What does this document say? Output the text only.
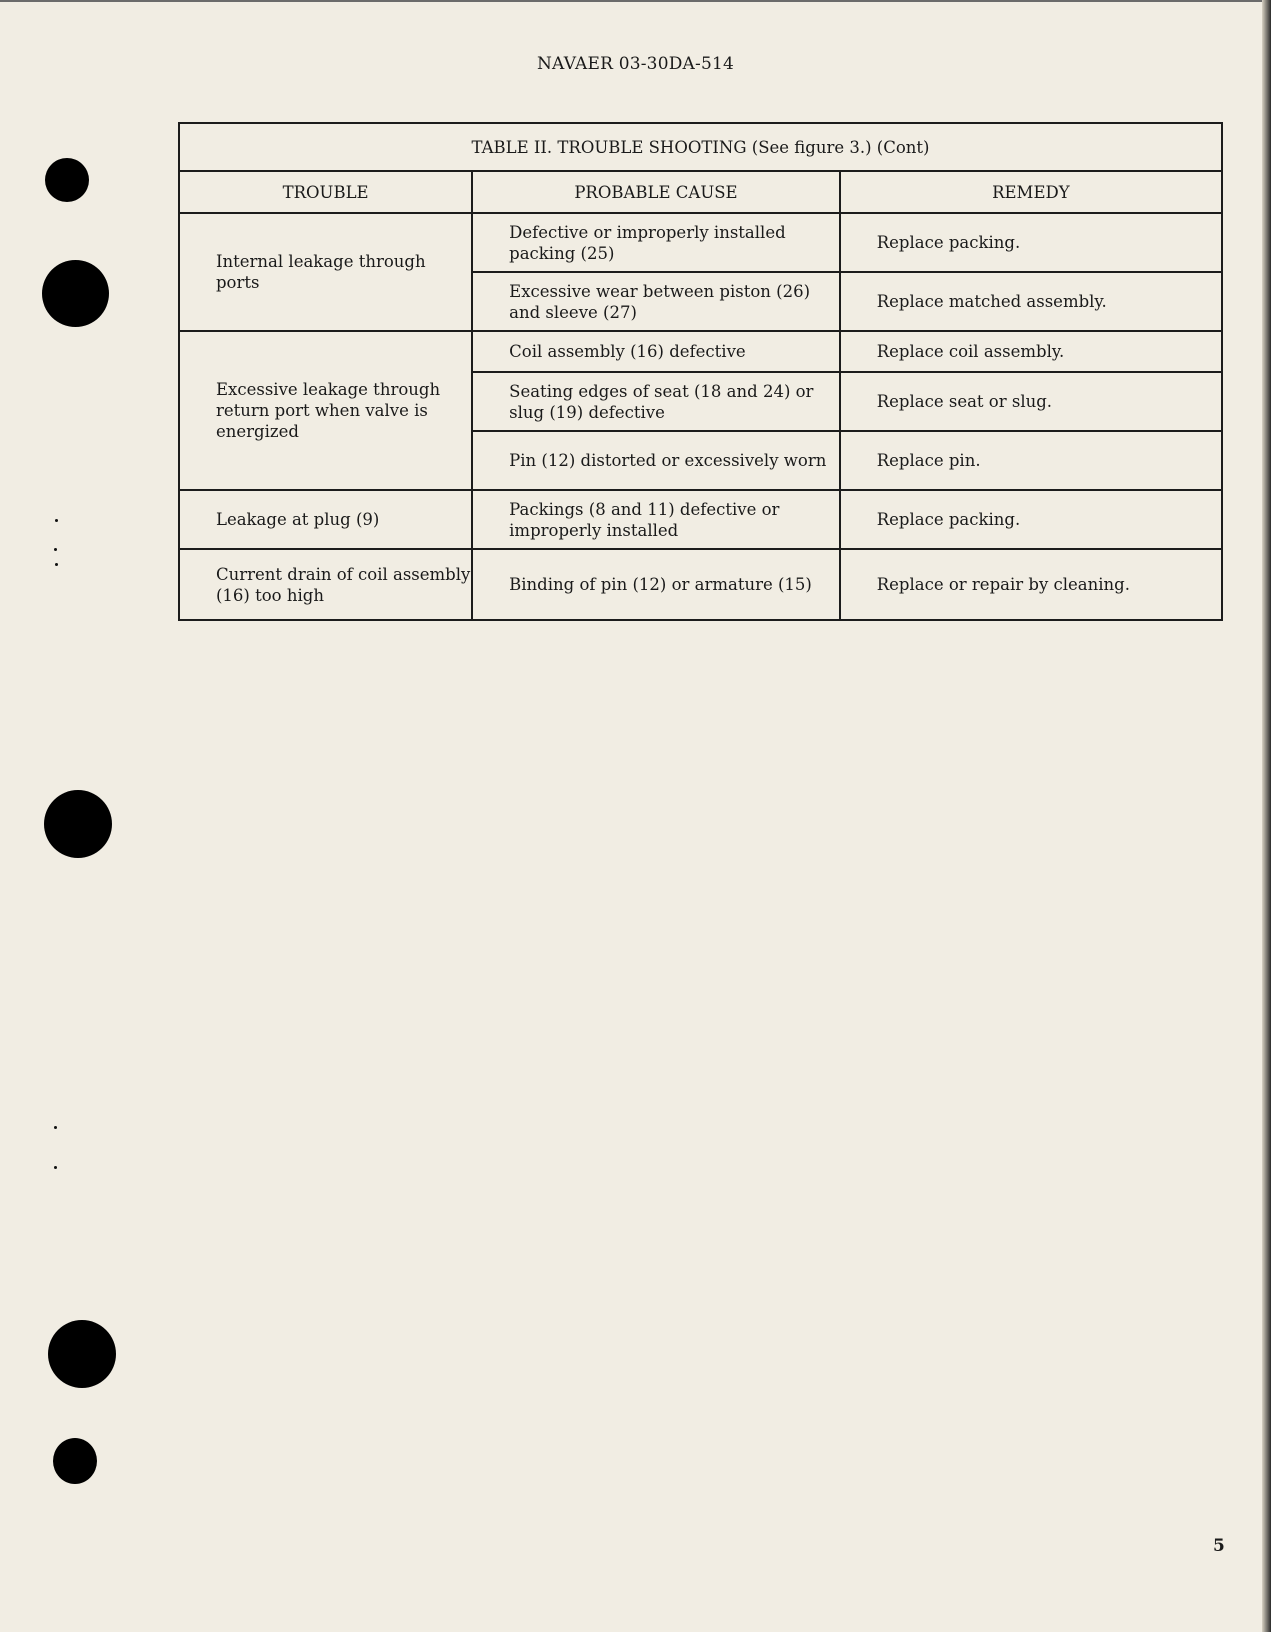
NAVAER 03-30DA-514
TABLE II. TROUBLE SHOOTING (See figure 3.) (Cont)		
TROUBLE	PROBABLE CAUSE	REMEDY
Internal leakage through ports	Defective or improperly installed packing (25)	Replace packing.
	Excessive wear between piston (26) and sleeve (27)	Replace matched assembly.
Excessive leakage through return port when valve is energized	Coil assembly (16) defective	Replace coil assembly.
	Seating edges of seat (18 and 24) or slug (19) defective	Replace seat or slug.
	Pin (12) distorted or excessively worn	Replace pin.
Leakage at plug (9)	Packings (8 and 11) defective or improperly installed	Replace packing.
Current drain of coil assembly (16) too high	Binding of pin (12) or armature (15)	Replace or repair by cleaning.
5
